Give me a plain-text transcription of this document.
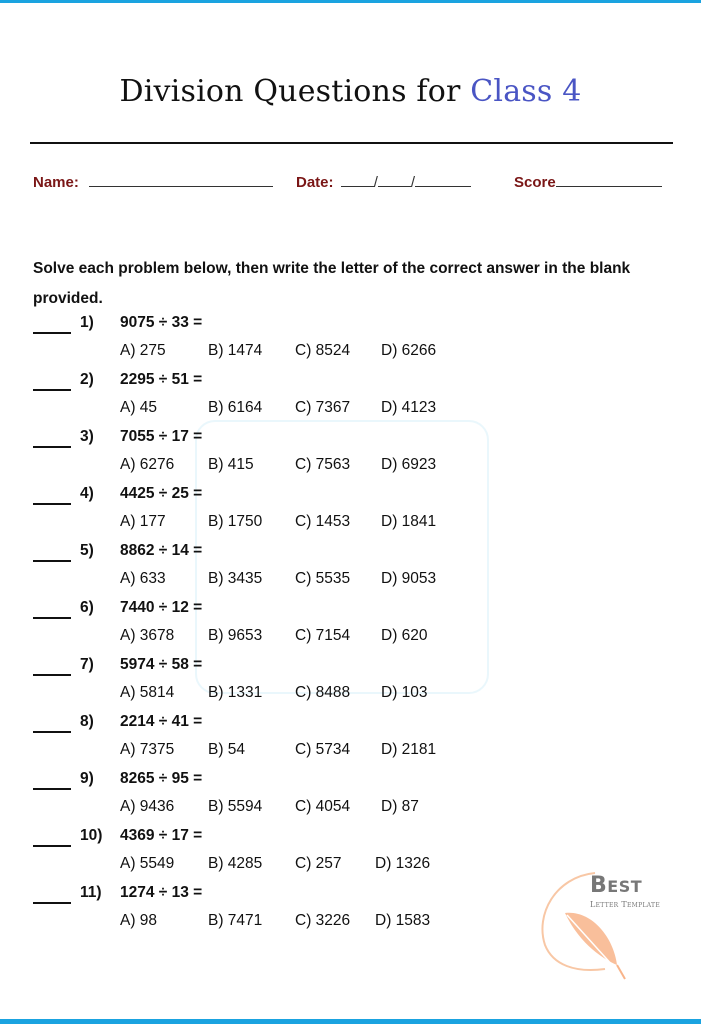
Division Questions for Class 4
Name:	Date:	/ /	Score

Solve each problem below, then write the letter of the correct answer in the blank provided.

1) 9075 ÷ 33 =
A) 275	B) 1474 C) 8524 D) 6266
2) 2295 ÷ 51 =
A) 45	B) 6164 C) 7367 D) 4123
3) 7055 ÷ 17 =
A) 6276 B) 415	C) 7563 D) 6923
4) 4425 ÷ 25 =
A) 177	B) 1750 C) 1453 D) 1841
5) 8862 ÷ 14 =
A) 633	B) 3435 C) 5535 D) 9053
6) 7440 ÷ 12 =
A) 3678 B) 9653 C) 7154 D) 620
7) 5974 ÷ 58 =
A) 5814 B) 1331 C) 8488 D) 103
8) 2214 ÷ 41 =
A) 7375 B) 54	C) 5734 D) 2181
9) 8265 ÷ 95 =
A) 9436 B) 5594 C) 4054 D) 87
10) 4369 ÷ 17 =
A) 5549 B) 4285 C) 257 D) 1326
11) 1274 ÷ 13 =
A) 98	B) 7471 C) 3226 D) 1583
BEST
Letter Template
